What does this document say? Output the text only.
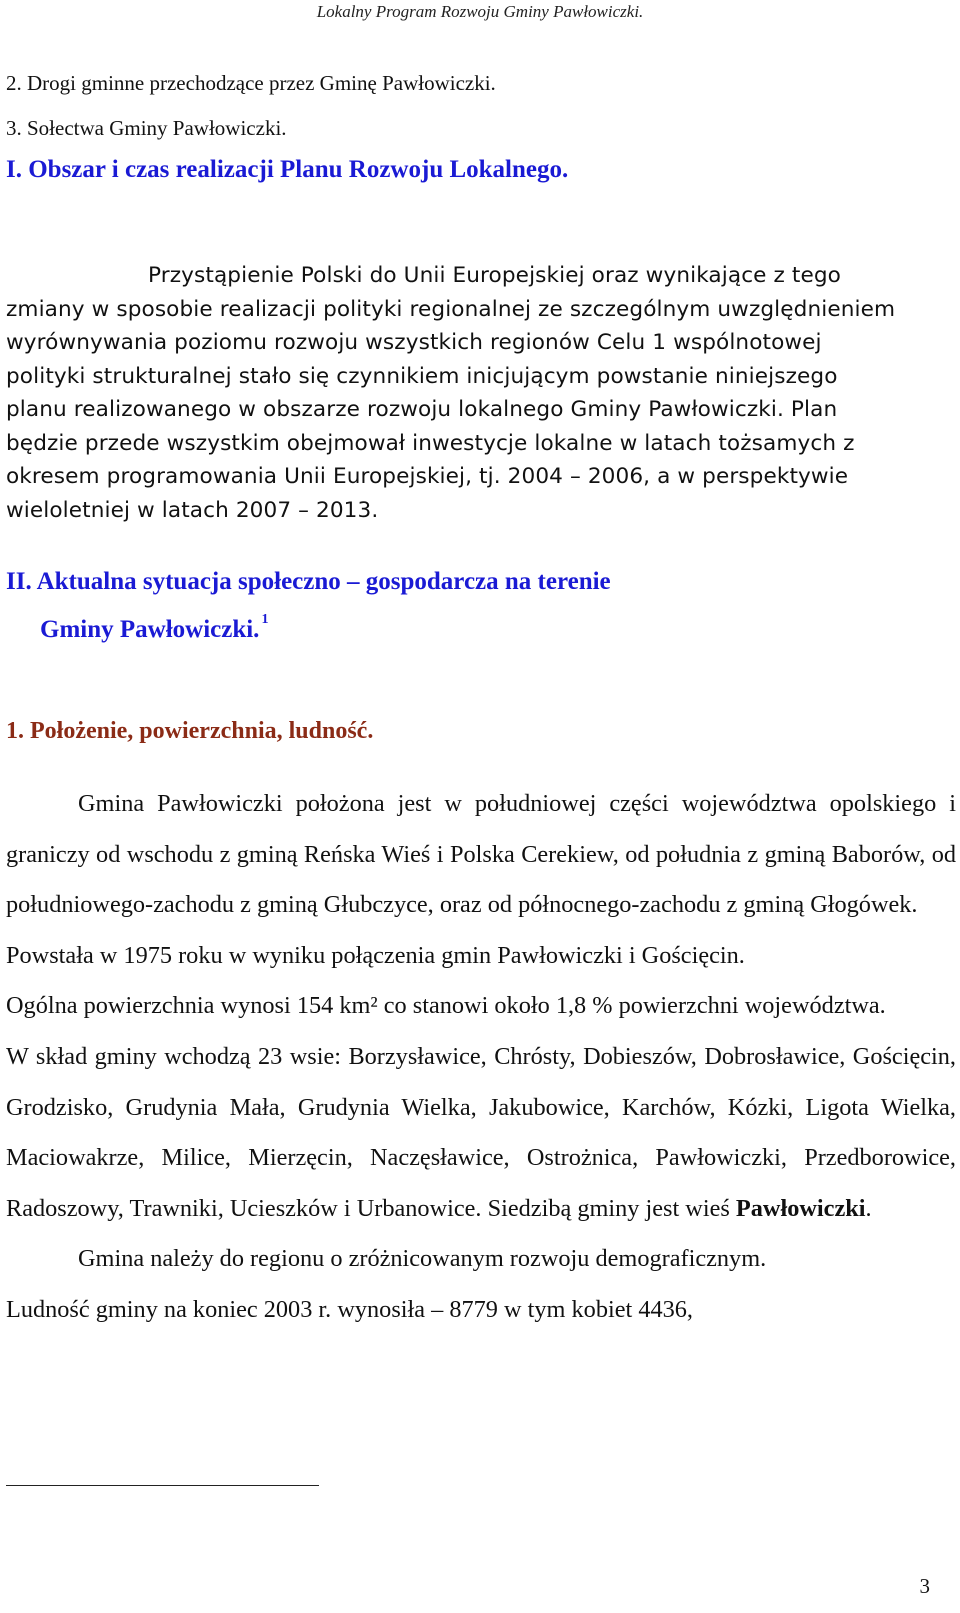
Lokalny Program Rozwoju Gminy Pawłowiczki.
2. Drogi gminne przechodzące przez Gminę Pawłowiczki.
3. Sołectwa Gminy Pawłowiczki.
I. Obszar i czas realizacji Planu Rozwoju Lokalnego.

Przystąpienie Polski do Unii Europejskiej oraz wynikające z tego zmiany w sposobie realizacji polityki regionalnej ze szczególnym uwzględnieniem wyrównywania poziomu rozwoju wszystkich regionów Celu 1 wspólnotowej polityki strukturalnej stało się czynnikiem inicjującym powstanie niniejszego planu realizowanego w obszarze rozwoju lokalnego Gminy Pawłowiczki. Plan będzie przede wszystkim obejmował inwestycje lokalne w latach tożsamych z okresem programowania Unii Europejskiej, tj. 2004 – 2006, a w perspektywie wieloletniej w latach 2007 – 2013.

II. Aktualna sytuacja społeczno – gospodarcza na terenie
Gminy Pawłowiczki. $^1$
1. Położenie, powierzchnia, ludność.

Gmina Pawłowiczki położona jest w południowej części województwa opolskiego i graniczy od wschodu z gminą Reńska Wieś i Polska Cerekiew, od południa z gminą Baborów, od południowego-zachodu z gminą Głubczyce, oraz od północnego-zachodu z gminą Głogówek.

Powstała w 1975 roku w wyniku połączenia gmin Pawłowiczki i Gościęcin.

Ogólna powierzchnia wynosi 154 km² co stanowi około 1,8 % powierzchni województwa.

W skład gminy wchodzą 23 wsie: Borzysławice, Chrósty, Dobieszów, Dobrosławice, Gościęcin, Grodzisko, Grudynia Mała, Grudynia Wielka, Jakubowice, Karchów, Kózki, Ligota Wielka, Maciowakrze, Milice, Mierzęcin, Naczęsławice, Ostrożnica, Pawłowiczki, Przedborowice, Radoszowy, Trawniki, Ucieszków i Urbanowice. Siedzibą gminy jest wieś Pawłowiczki.

Gmina należy do regionu o zróżnicowanym rozwoju demograficznym.

Ludność gminy na koniec 2003 r. wynosiła – 8779 w tym kobiet 4436,

3
